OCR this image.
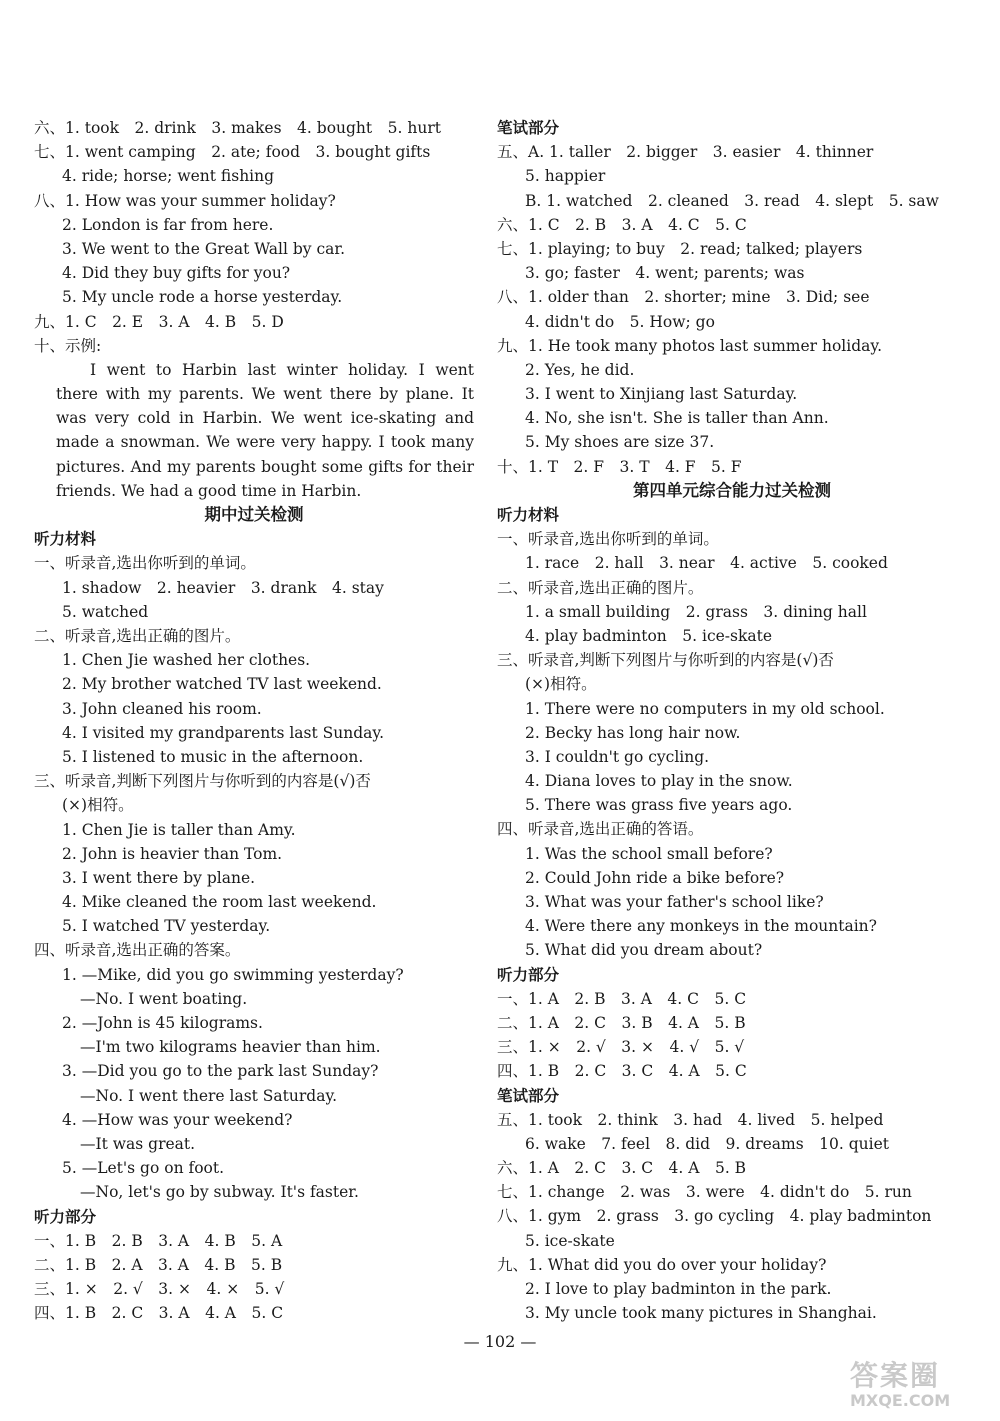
六、1. took　2. drink　3. makes　4. bought　5. hurt
七、1. went camping　2. ate; food　3. bought gifts
4. ride; horse; went fishing
八、1. How was your summer holiday?
2. London is far from here.
3. We went to the Great Wall by car.
4. Did they buy gifts for you?
5. My uncle rode a horse yesterday.
九、1. C　2. E　3. A　4. B　5. D
十、示例:

I went to Harbin last winter holiday. I went there with my parents. We went there by plane. It was very cold in Harbin. We went ice-skating and made a snowman. We were very happy. I took many pictures. And my parents bought some gifts for their friends. We had a good time in Harbin.

期中过关检测
听力材料
一、听录音,选出你听到的单词。
1. shadow　2. heavier　3. drank　4. stay
5. watched
二、听录音,选出正确的图片。
1. Chen Jie washed her clothes.
2. My brother watched TV last weekend.
3. John cleaned his room.
4. I visited my grandparents last Sunday.
5. I listened to music in the afternoon.
三、听录音,判断下列图片与你听到的内容是(√)否
(×)相符。
1. Chen Jie is taller than Amy.
2. John is heavier than Tom.
3. I went there by plane.
4. Mike cleaned the room last weekend.
5. I watched TV yesterday.
四、听录音,选出正确的答案。
1. —Mike, did you go swimming yesterday?
—No. I went boating.
2. —John is 45 kilograms.
—I'm two kilograms heavier than him.
3. —Did you go to the park last Sunday?
—No. I went there last Saturday.
4. —How was your weekend?
—It was great.
5. —Let's go on foot.
—No, let's go by subway. It's faster.
听力部分
一、1. B　2. B　3. A　4. B　5. A
二、1. B　2. A　3. A　4. B　5. B
三、1. ×　2. √　3. ×　4. ×　5. √
四、1. B　2. C　3. A　4. A　5. C
笔试部分
五、A. 1. taller　2. bigger　3. easier　4. thinner
5. happier
B. 1. watched　2. cleaned　3. read　4. slept　5. saw
六、1. C　2. B　3. A　4. C　5. C
七、1. playing; to buy　2. read; talked; players
3. go; faster　4. went; parents; was
八、1. older than　2. shorter; mine　3. Did; see
4. didn't do　5. How; go
九、1. He took many photos last summer holiday.
2. Yes, he did.
3. I went to Xinjiang last Saturday.
4. No, she isn't. She is taller than Ann.
5. My shoes are size 37.
十、1. T　2. F　3. T　4. F　5. F
第四单元综合能力过关检测
听力材料
一、听录音,选出你听到的单词。
1. race　2. hall　3. near　4. active　5. cooked
二、听录音,选出正确的图片。
1. a small building　2. grass　3. dining hall
4. play badminton　5. ice-skate
三、听录音,判断下列图片与你听到的内容是(√)否
(×)相符。
1. There were no computers in my old school.
2. Becky has long hair now.
3. I couldn't go cycling.
4. Diana loves to play in the snow.
5. There was grass five years ago.
四、听录音,选出正确的答语。
1. Was the school small before?
2. Could John ride a bike before?
3. What was your father's school like?
4. Were there any monkeys in the mountain?
5. What did you dream about?
听力部分
一、1. A　2. B　3. A　4. C　5. C
二、1. A　2. C　3. B　4. A　5. B
三、1. ×　2. √　3. ×　4. √　5. √
四、1. B　2. C　3. C　4. A　5. C
笔试部分
五、1. took　2. think　3. had　4. lived　5. helped
6. wake　7. feel　8. did　9. dreams　10. quiet
六、1. A　2. C　3. C　4. A　5. B
七、1. change　2. was　3. were　4. didn't do　5. run
八、1. gym　2. grass　3. go cycling　4. play badminton
5. ice-skate
九、1. What did you do over your holiday?
2. I love to play badminton in the park.
3. My uncle took many pictures in Shanghai.
— 102 —
答案圈
MXQE.COM
